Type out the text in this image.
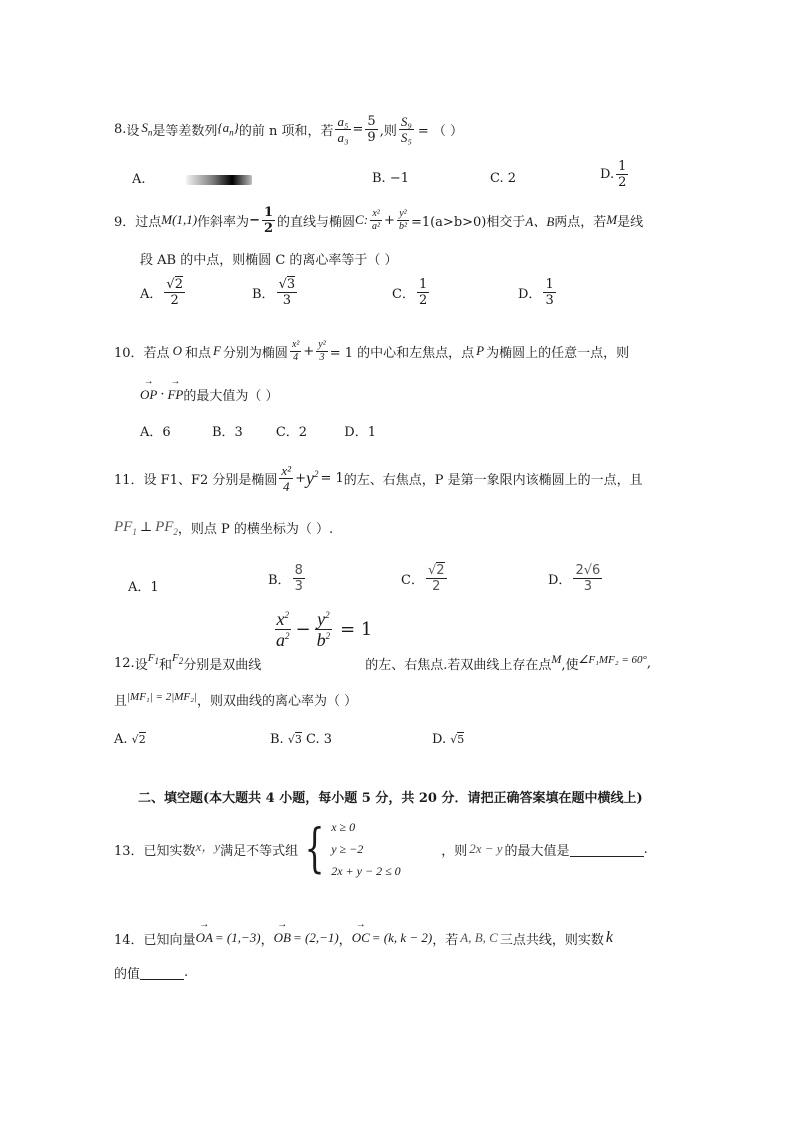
8. 设 $S_n$ 是等差数列 $\{a_n\}$ 的前 n 项和，若 $\frac{\text{a₅}}{\text{a₃}} = \frac{5}{9}$ ,则 $\frac{\text{S₉}}{\text{S₅}}$ = （ ）
A.	B. −1	C. 2	D. $\frac{1}{2}$
9． 过点 M(1,1) 作斜率为 − $\frac{1}{2}$ 的直线与椭圆 C: $\frac{\text{x²}}{\text{a²}} + \frac{\text{y²}}{\text{b²}} =1(a>b>0)$相交于 A、B 两点，若 M 是线
段 AB 的中点，则椭圆 C 的离心率等于（ ）
A． $\frac{√2}{2}$	B． $\frac{√3}{3}$	C． $\frac{1}{2}$	D． $\frac{1}{3}$
10． 若点 O 和点 F 分别为椭圆 $\frac{\text{x²}}{4} + \frac{\text{y²}}{3} = 1$ 的中心和左焦点，点 P 为椭圆上的任意一点，则
→ OP · → FP 的最大值为（ ）
A．6          B．3        C．2         D．1
11． 设 F1、F2 分别是椭圆 $\frac{\text{x²}}{4} + y^2 = 1$ 的左、右焦点，P 是第一象限内该椭圆上的一点，且
$PF_1$ ⊥ $PF_2$ ，则点 P 的横坐标为（ ）.
A．1	B． $\frac{8}{3}$	C． $\frac{√2}{2}$	D． $\frac{2√6}{3}$
$\frac{x^2}{a^2} - \frac{y^2}{b^2} = 1$
12. 设 $F_1$ 和 $F_2$ 分别是双曲线	的左、右焦点.若双曲线上存在点 M ,使 ∠F₁MF₂ = 60° ,
且 |MF₁| = 2|MF₂| ，则双曲线的离心率为（ ）
A. √2	B. √3 C. 3	D. √5
二、填空题(本大题共 4 小题，每小题 5 分，共 20 分．请把正确答案填在题中横线上)
13． 已知实数 x，y 满足不等式组 { x ≥ 0
y ≥ −2
2x + y − 2 ≤ 0
，则 2x − y 的最大值是	.
14． 已知向量 → OA = (1,−3) ， → OB = (2,−1) ， → OC = (k, k − 2) ，若 A, B, C 三点共线，则实数 k
的值	.
